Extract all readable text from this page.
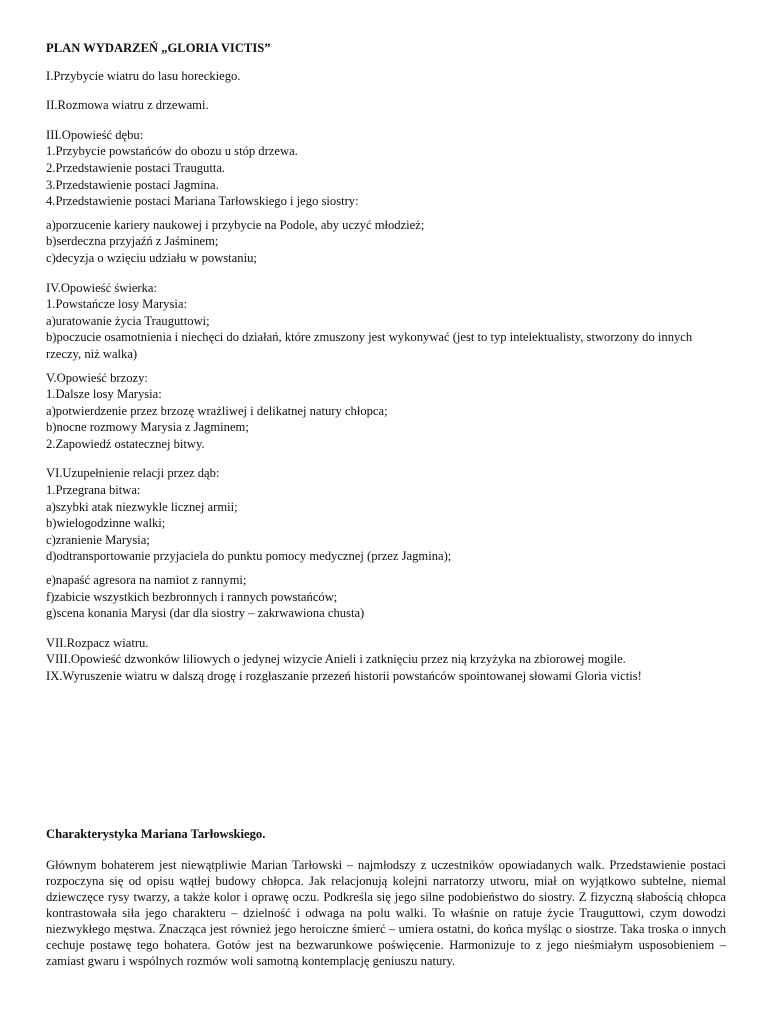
PLAN WYDARZEŃ „GLORIA VICTIS”
I.Przybycie wiatru do lasu horeckiego.
II.Rozmowa wiatru z drzewami.
III.Opowieść dębu:
1.Przybycie powstańców do obozu u stóp drzewa.
2.Przedstawienie postaci Traugutta.
3.Przedstawienie postaci Jagmina.
4.Przedstawienie postaci Mariana Tarłowskiego i jego siostry:
a)porzucenie kariery naukowej i przybycie na Podole, aby uczyć młodzież;
b)serdeczna przyjaźń z Jaśminem;
c)decyzja o wzięciu udziału w powstaniu;
IV.Opowieść świerka:
1.Powstańcze losy Marysia:
a)uratowanie życia Trauguttowi;
b)poczucie osamotnienia i niechęci do działań, które zmuszony jest wykonywać (jest to typ intelektualisty, stworzony do innych rzeczy, niż walka)
V.Opowieść brzozy:
1.Dalsze losy Marysia:
a)potwierdzenie przez brzozę wrażliwej i delikatnej natury chłopca;
b)nocne rozmowy Marysia z Jagminem;
2.Zapowiedź ostatecznej bitwy.
VI.Uzupełnienie relacji przez dąb:
1.Przegrana bitwa:
a)szybki atak niezwykle licznej armii;
b)wielogodzinne walki;
c)zranienie Marysia;
d)odtransportowanie przyjaciela do punktu pomocy medycznej (przez Jagmina);
e)napaść agresora na namiot z rannymi;
f)zabicie wszystkich bezbronnych i rannych powstańców;
g)scena konania Marysi (dar dla siostry – zakrwawiona chusta)
VII.Rozpacz wiatru.
VIII.Opowieść dzwonków liliowych o jedynej wizycie Anieli i zatknięciu przez nią krzyżyka na zbiorowej mogile.
IX.Wyruszenie wiatru w dalszą drogę i rozgłaszanie przezeń historii powstańców spointowanej słowami Gloria victis!
Charakterystyka Mariana Tarłowskiego.
Głównym bohaterem jest niewątpliwie Marian Tarłowski – najmłodszy z uczestników opowiadanych walk. Przedstawienie postaci rozpoczyna się od opisu wątłej budowy chłopca. Jak relacjonują kolejni narratorzy utworu, miał on wyjątkowo subtelne, niemal dziewczęce rysy twarzy, a także kolor i oprawę oczu. Podkreśla się jego silne podobieństwo do siostry. Z fizyczną słabością chłopca kontrastowała siła jego charakteru – dzielność i odwaga na polu walki. To właśnie on ratuje życie Trauguttowi, czym dowodzi niezwykłego męstwa. Znacząca jest również jego heroiczne śmierć – umiera ostatni, do końca myśląc o siostrze. Taka troska o innych cechuje postawę tego bohatera. Gotów jest na bezwarunkowe poświęcenie. Harmonizuje to z jego nieśmiałym usposobieniem – zamiast gwaru i wspólnych rozmów woli samotną kontemplację geniuszu natury.
